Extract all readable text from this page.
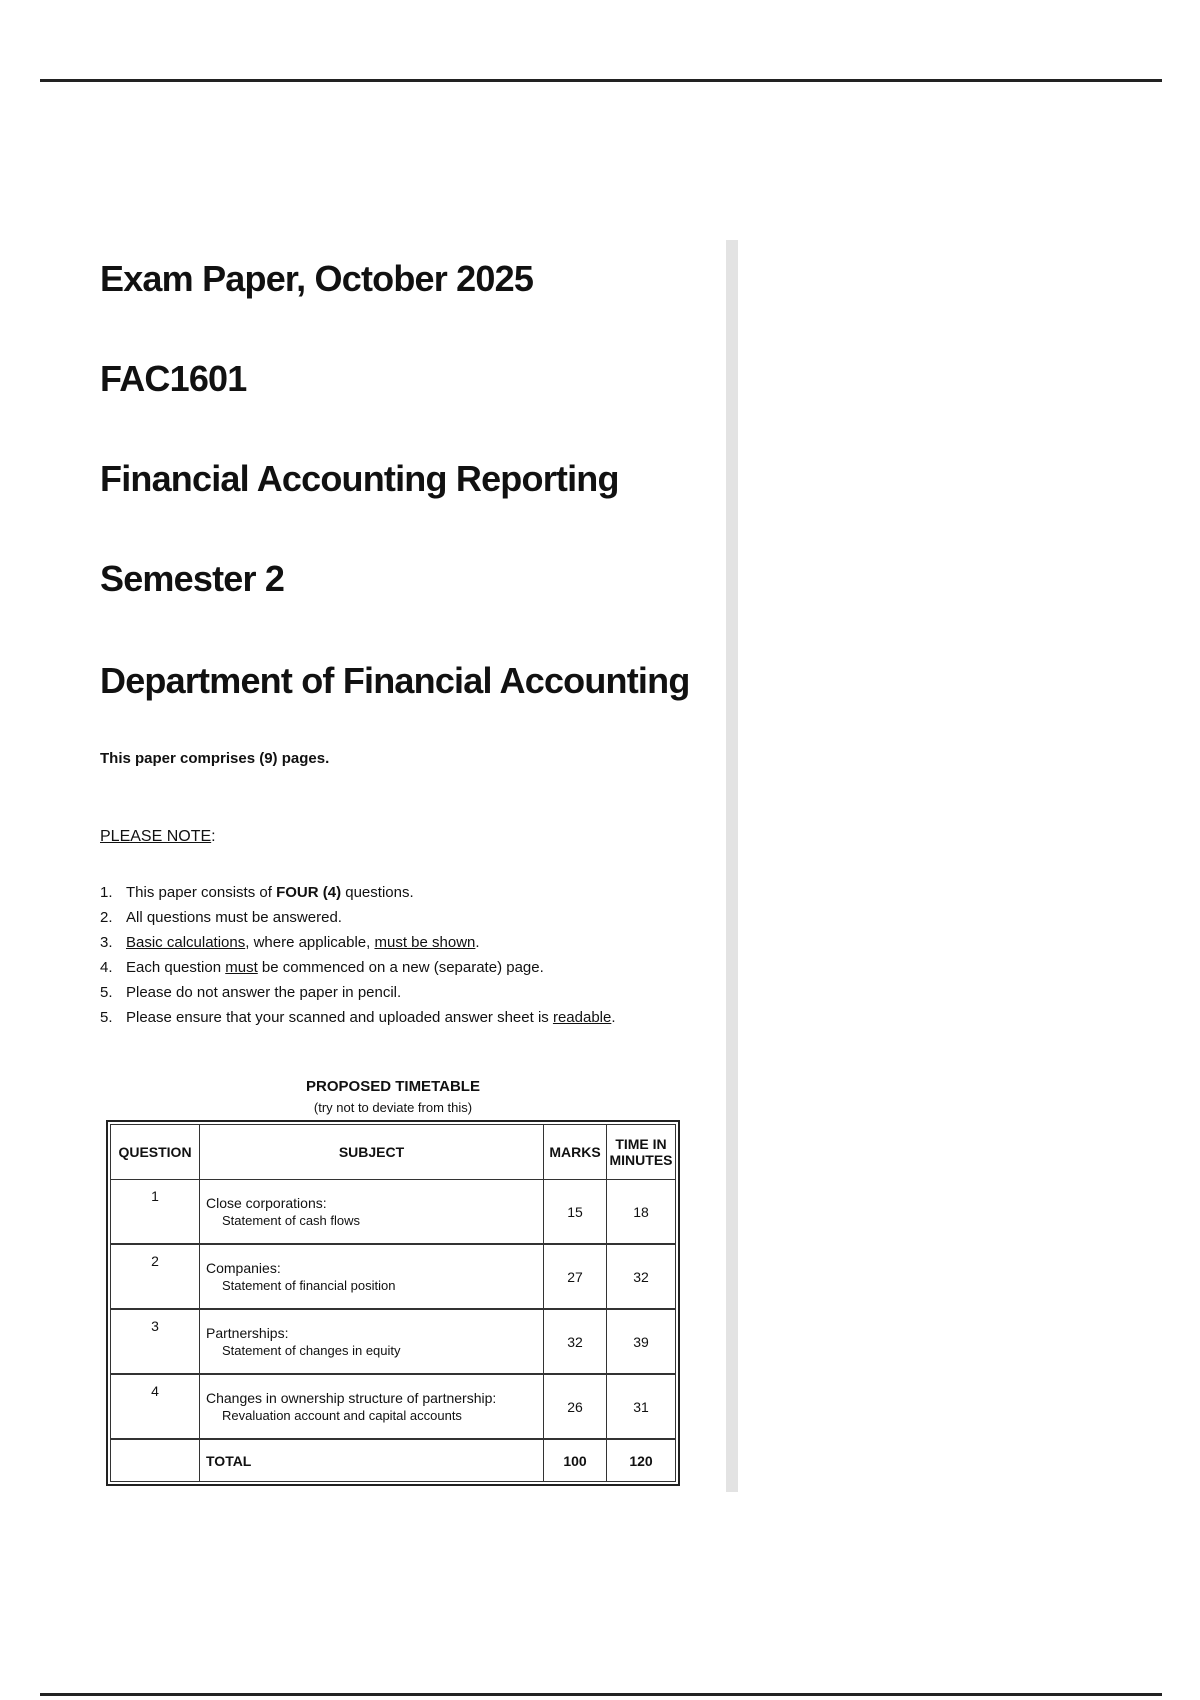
Exam Paper, October 2025
FAC1601
Financial Accounting Reporting
Semester 2
Department of Financial Accounting

This paper comprises (9) pages.

PLEASE NOTE:

1. This paper consists of FOUR (4) questions.
2. All questions must be answered.
3. Basic calculations, where applicable, must be shown.
4. Each question must be commenced on a new (separate) page.
5. Please do not answer the paper in pencil.
5. Please ensure that your scanned and uploaded answer sheet is readable.

PROPOSED TIMETABLE

(try not to deviate from this)

QUESTION	SUBJECT	MARKS	TIME IN
MINUTES
1	Close corporations:
Statement of cash flows	15	18
2	Companies:
Statement of financial position	27	32
3	Partnerships:
Statement of changes in equity	32	39
4	Changes in ownership structure of partnership:
Revaluation account and capital accounts	26	31
	TOTAL	100	120
